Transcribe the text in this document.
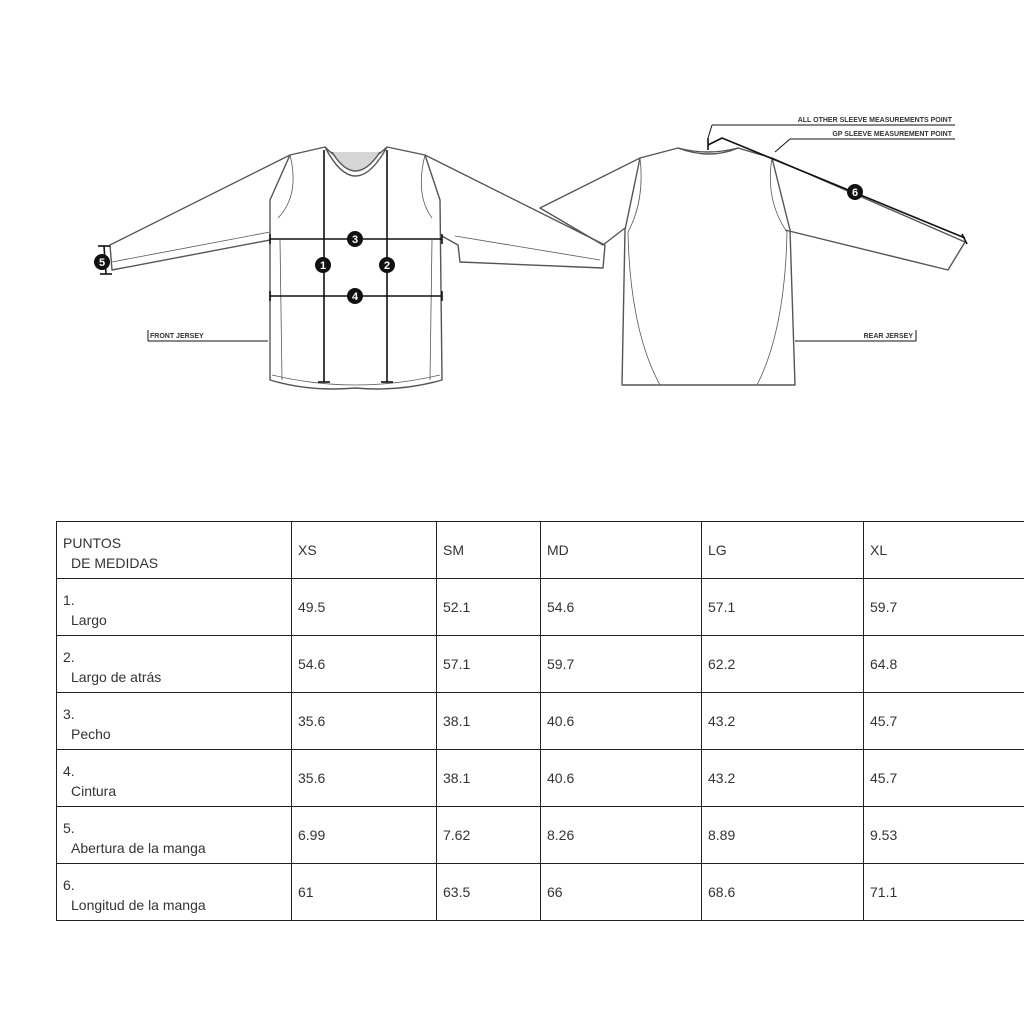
1	2
3
4
5
6
FRONT JERSEY	REAR JERSEY
ALL OTHER SLEEVE MEASUREMENTS POINT
GP SLEEVE MEASUREMENT POINT
PUNTOS
DE MEDIDAS	XS	SM	MD	LG	XL

1.
Largo	49.5	52.1	54.6	57.1	59.7

2.
Largo de atrás	54.6	57.1	59.7	62.2	64.8

3.
Pecho	35.6	38.1	40.6	43.2	45.7

4.
Cintura	35.6	38.1	40.6	43.2	45.7

5.
Abertura de la manga	6.99	7.62	8.26	8.89	9.53

6.
Longitud de la manga	61	63.5	66	68.6	71.1
